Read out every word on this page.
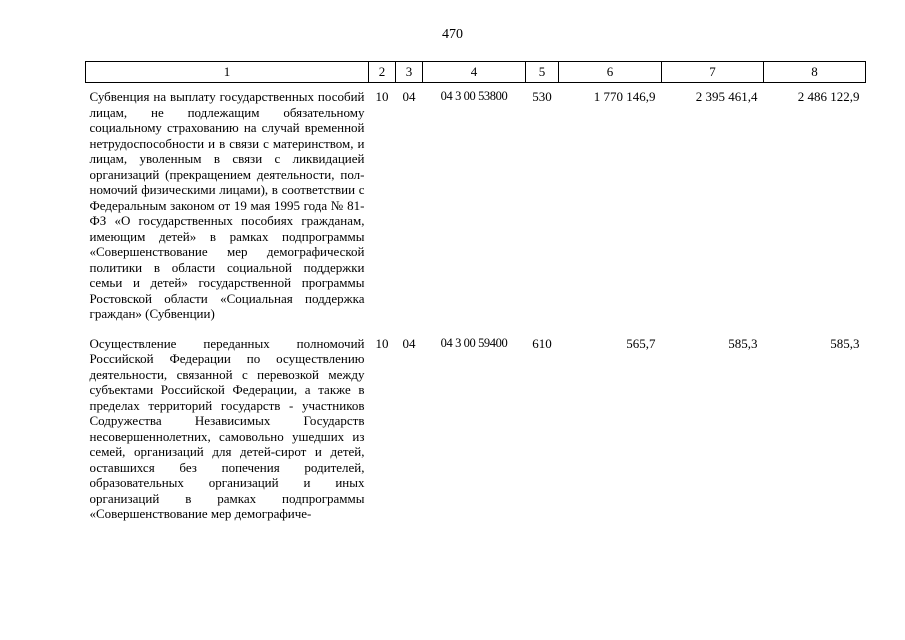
470
1	2	3	4	5	6	7	8
Субвенция на выплату государственных пособий лицам, не подлежащим обязательному социальному страхованию на случай временной нетрудоспособности и в связи с материнством, и лицам, уволенным в связи с ликвидацией организаций (прекращением деятельности, полномочий физическими лицами), в соответствии с Федеральным законом от 19 мая 1995 года № 81-ФЗ «О государственных пособиях гражданам, имеющим детей» в рамках подпрограммы «Совершенствование мер демографической политики в области социальной поддержки семьи и детей» государственной программы Ростовской области «Социальная поддержка граждан» (Субвенции)	10	04	04 3 00 53800	530	1 770 146,9	2 395 461,4	2 486 122,9
Осуществление переданных полномочий Российской Федерации по осуществлению деятельности, связанной с перевозкой между субъектами Российской Федерации, а также в пределах территорий государств - участников Содружества Независимых Государств несовершеннолетних, самовольно ушедших из семей, организаций для детей-сирот и детей, оставшихся без попечения родителей, образовательных организаций и иных организаций в рамках подпрограммы «Совершенствование мер демографиче-	10	04	04 3 00 59400	610	565,7	585,3	585,3
